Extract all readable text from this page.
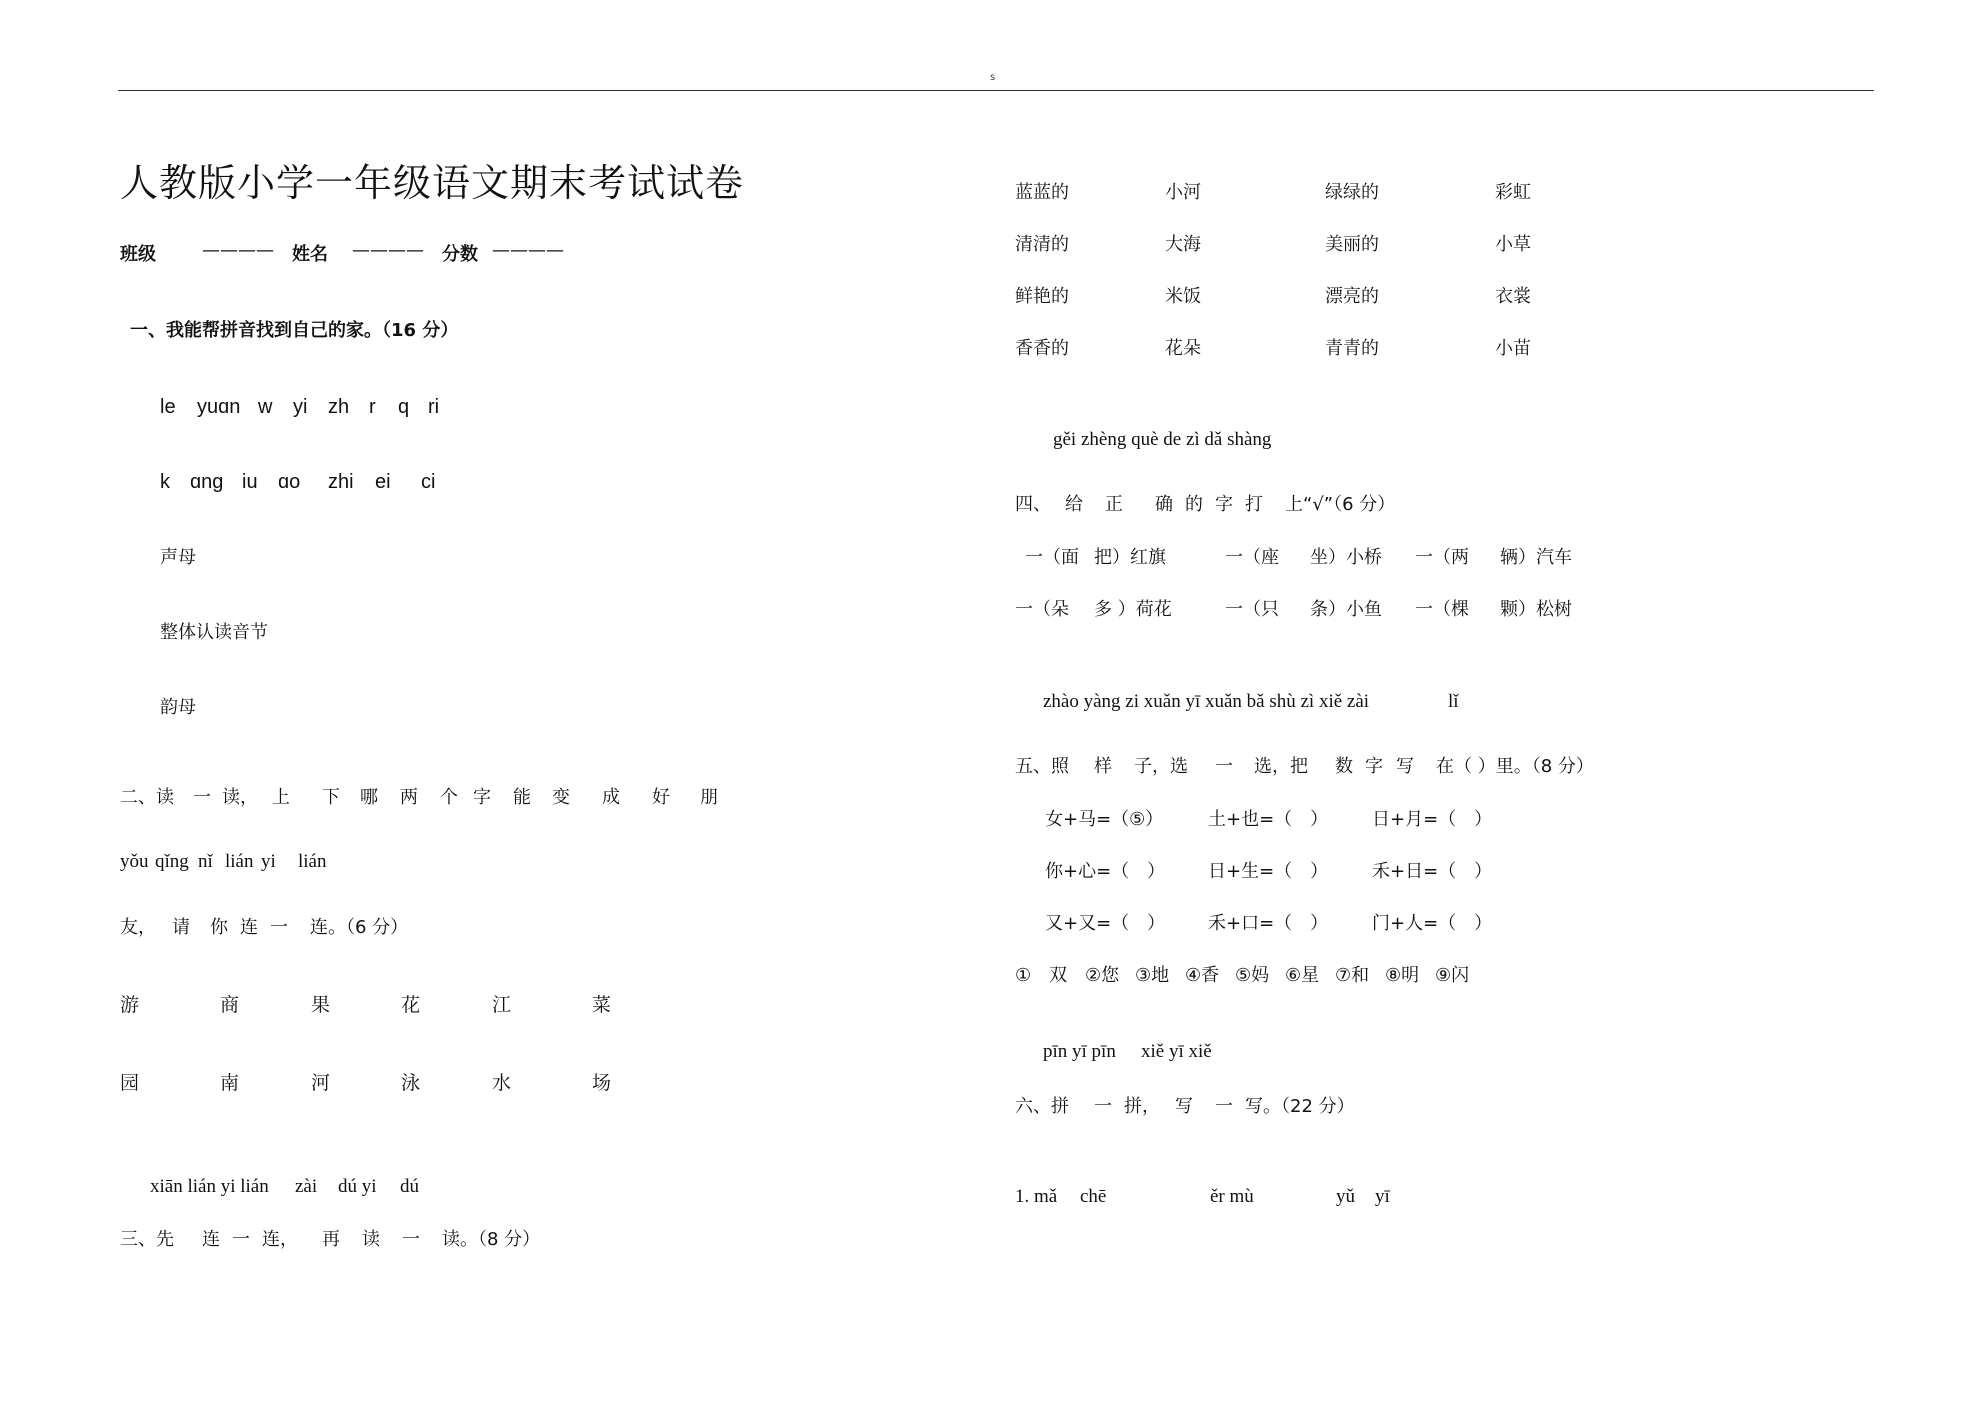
s
人教版小学一年级语文期末考试试卷
班级	———— 姓名 ———— 分数 ————
一、我能帮拼音找到自己的家。（16 分）
le yuɑn w yi zh r q ri
k ɑng iu ɑo zhi ei ci
声母
整体认读音节
韵母
二、读 一 读， 上 下 哪 两 个 字 能 变 成 好 朋
yǒu qǐng nǐ lián yi lián
友， 请 你 连 一 连。（6 分）
游	商	果	花	江	菜
园	南	河	泳	水	场
xiān lián yi lián zài dú yi dú
三、先 连 一 连， 再 读 一 读。（8 分）
蓝蓝的	小河	绿绿的	彩虹
清清的	大海	美丽的	小草
鲜艳的	米饭	漂亮的	衣裳
香香的	花朵	青青的	小苗
gěi zhèng què de zì dǎ shàng
四、 给 正 确 的 字 打 上“√”（6 分）
一（面 把）红旗	一（座 坐）小桥 一（两 辆）汽车
一（朵 多 ）荷花	一（只 条）小鱼 一（棵 颗）松树
zhào yàng zi xuǎn yī xuǎn bǎ shù zì xiě zài	lǐ
五、照 样 子，选 一 选，把 数 字 写 在（ ）里。（8 分）
女+马=（⑤） 土+也=（　） 日+月=（　）
你+心=（　） 日+生=（　） 禾+日=（　）
又+又=（　） 禾+口=（　） 门+人=（　）
①　双 ②您 ③地 ④香 ⑤妈 ⑥星 ⑦和 ⑧明 ⑨闪
pīn yī pīn xiě yī xiě
六、拼 一 拼， 写 一 写。（22 分）
1. mǎ chē	ěr mù	yǔ yī
